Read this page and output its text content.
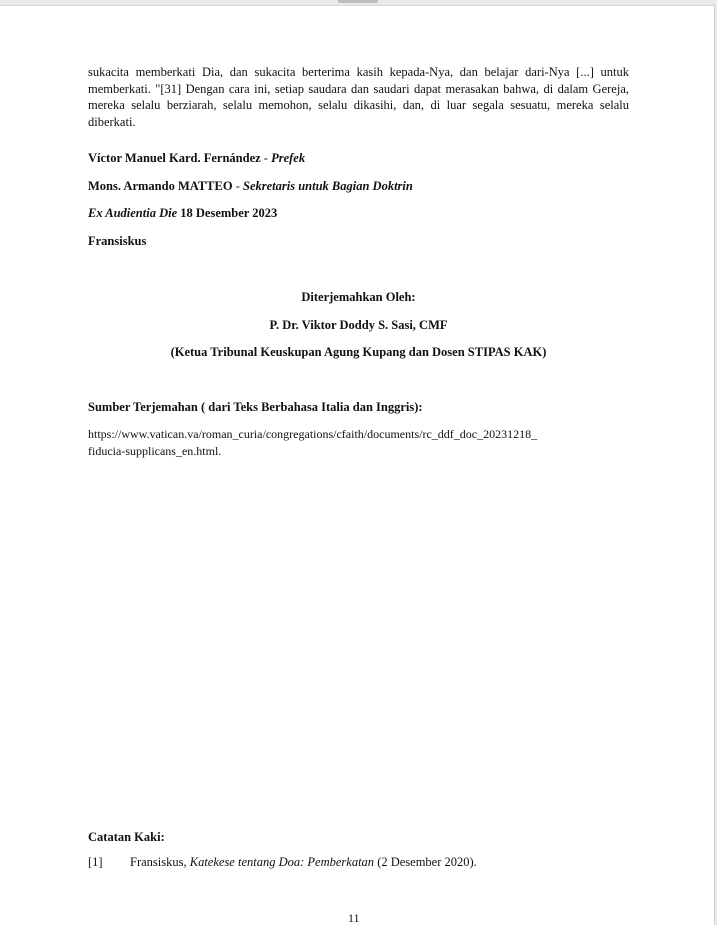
sukacita memberkati Dia, dan sukacita berterima kasih kepada-Nya, dan belajar dari-Nya [...] untuk memberkati. "[31] Dengan cara ini, setiap saudara dan saudari dapat merasakan bahwa, di dalam Gereja, mereka selalu berziarah, selalu memohon, selalu dikasihi, dan, di luar segala sesuatu, mereka selalu diberkati.

Víctor Manuel Kard. Fernández - Prefek
Mons. Armando MATTEO - Sekretaris untuk Bagian Doktrin
Ex Audientia Die 18 Desember 2023
Fransiskus
Diterjemahkan Oleh:
P. Dr. Viktor Doddy S. Sasi, CMF
(Ketua Tribunal Keuskupan Agung Kupang dan Dosen STIPAS KAK)
Sumber Terjemahan ( dari Teks Berbahasa Italia dan Inggris):
https://www.vatican.va/roman_curia/congregations/cfaith/documents/rc_ddf_doc_20231218_
fiducia-supplicans_en.html.
Catatan Kaki:
[1] Fransiskus, Katekese tentang Doa: Pemberkatan (2 Desember 2020).
11
